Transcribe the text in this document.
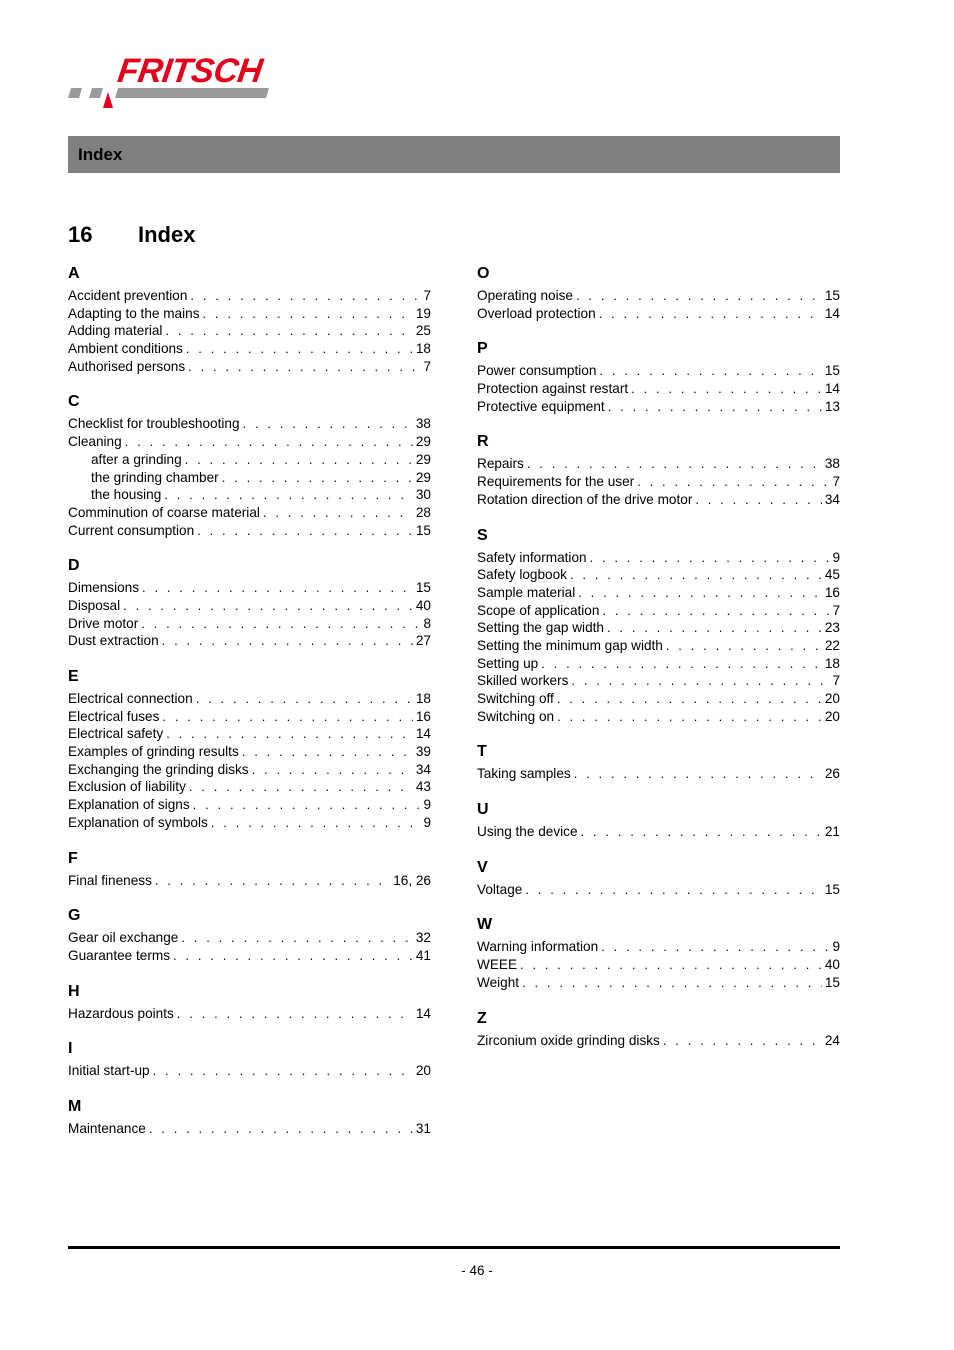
FRITSCH
Index
16 Index
A
Accident prevention . . .	7
Adapting to the mains . . .	19
Adding material . . .	25
Ambient conditions . . .	18
Authorised persons . . .	7
C
Checklist for troubleshooting . . .	38
Cleaning . . .	29
after a grinding . . .	29
the grinding chamber . . .	29
the housing . . .	30
Comminution of coarse material . . .	28
Current consumption . . .	15
D
Dimensions . . .	15
Disposal . . .	40
Drive motor . . .	8
Dust extraction . . .	27
E
Electrical connection . . .	18
Electrical fuses . . .	16
Electrical safety . . .	14
Examples of grinding results . . .	39
Exchanging the grinding disks . . .	34
Exclusion of liability . . .	43
Explanation of signs . . .	9
Explanation of symbols . . .	9
F
Final fineness . . .	16, 26
G
Gear oil exchange . . .	32
Guarantee terms . . .	41
H
Hazardous points . . .	14
I
Initial start-up . . .	20
M
Maintenance . . .	31
O
Operating noise . . .	15
Overload protection . . .	14
P
Power consumption . . .	15
Protection against restart . . .	14
Protective equipment . . .	13
R
Repairs . . .	38
Requirements for the user . . .	7
Rotation direction of the drive motor . . .	34
S
Safety information . . .	9
Safety logbook . . .	45
Sample material . . .	16
Scope of application . . .	7
Setting the gap width . . .	23
Setting the minimum gap width . . .	22
Setting up . . .	18
Skilled workers . . .	7
Switching off . . .	20
Switching on . . .	20
T
Taking samples . . .	26
U
Using the device . . .	21
V
Voltage . . .	15
W
Warning information . . .	9
WEEE . . .	40
Weight . . .	15
Z
Zirconium oxide grinding disks . . .	24
- 46 -
